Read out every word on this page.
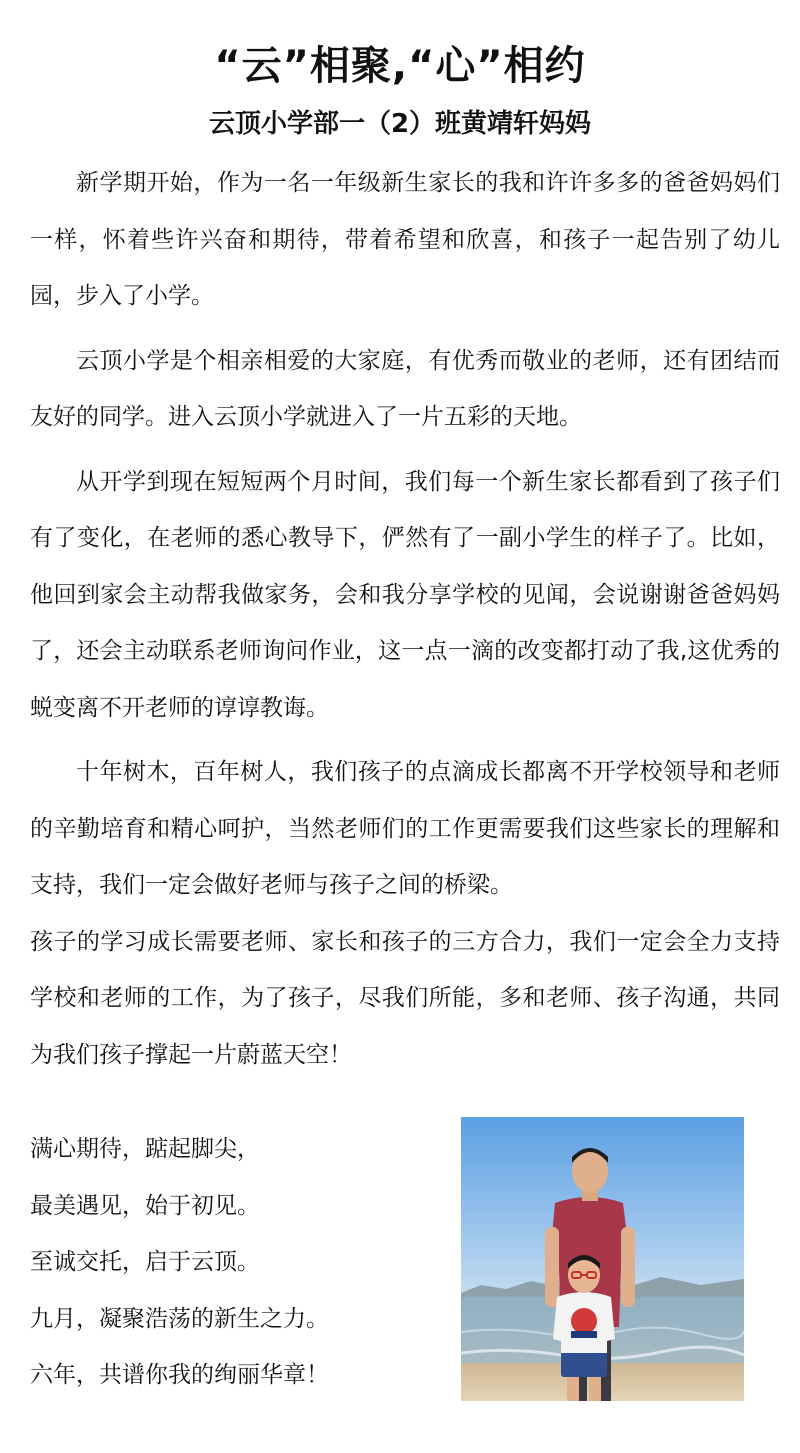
“云”相聚,“心”相约
云顶小学部一（2）班黄靖轩妈妈

新学期开始，作为一名一年级新生家长的我和许许多多的爸爸妈妈们一样，怀着些许兴奋和期待，带着希望和欣喜，和孩子一起告别了幼儿园，步入了小学。

云顶小学是个相亲相爱的大家庭，有优秀而敬业的老师，还有团结而友好的同学。进入云顶小学就进入了一片五彩的天地。

从开学到现在短短两个月时间，我们每一个新生家长都看到了孩子们有了变化，在老师的悉心教导下，俨然有了一副小学生的样子了。比如，他回到家会主动帮我做家务，会和我分享学校的见闻，会说谢谢爸爸妈妈了，还会主动联系老师询问作业，这一点一滴的改变都打动了我,这优秀的蜕变离不开老师的谆谆教诲。

十年树木，百年树人，我们孩子的点滴成长都离不开学校领导和老师的辛勤培育和精心呵护，当然老师们的工作更需要我们这些家长的理解和支持，我们一定会做好老师与孩子之间的桥梁。

孩子的学习成长需要老师、家长和孩子的三方合力，我们一定会全力支持学校和老师的工作，为了孩子，尽我们所能，多和老师、孩子沟通，共同为我们孩子撑起一片蔚蓝天空！

满心期待，踮起脚尖，

最美遇见，始于初见。

至诚交托，启于云顶。

九月，凝聚浩荡的新生之力。

六年，共谱你我的绚丽华章！
